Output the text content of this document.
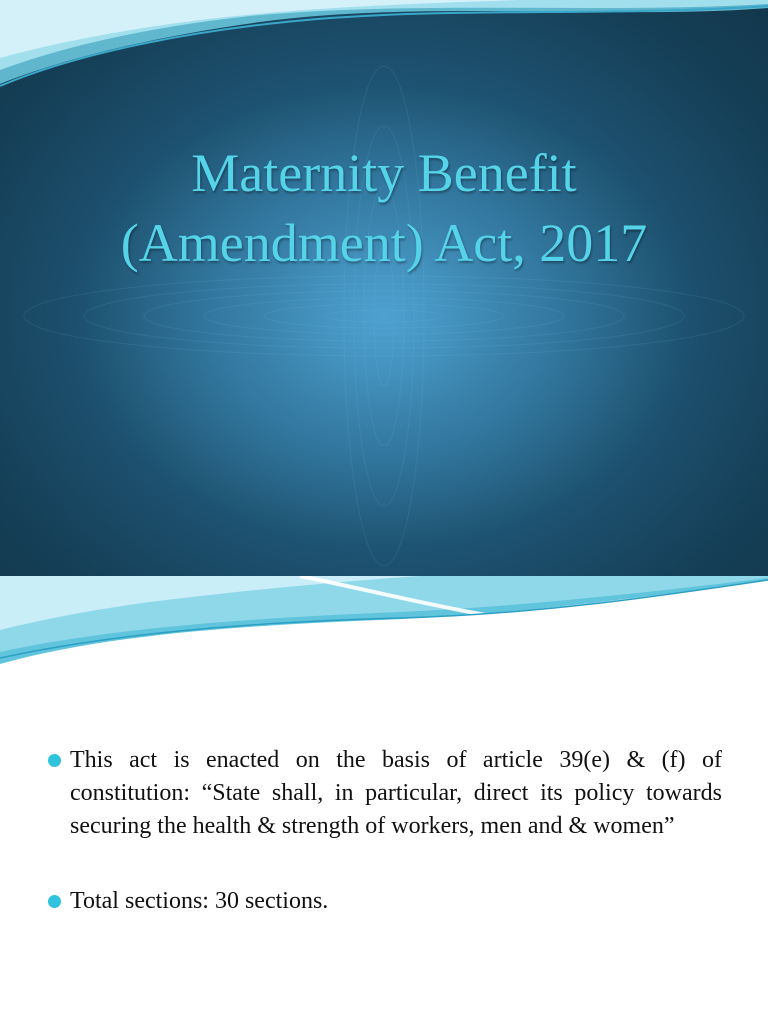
Maternity Benefit
(Amendment) Act, 2017
This act is enacted on the basis of article 39(e) & (f) of constitution: “State shall, in particular, direct its policy towards securing the health & strength of workers, men and & women”
Total sections: 30 sections.
